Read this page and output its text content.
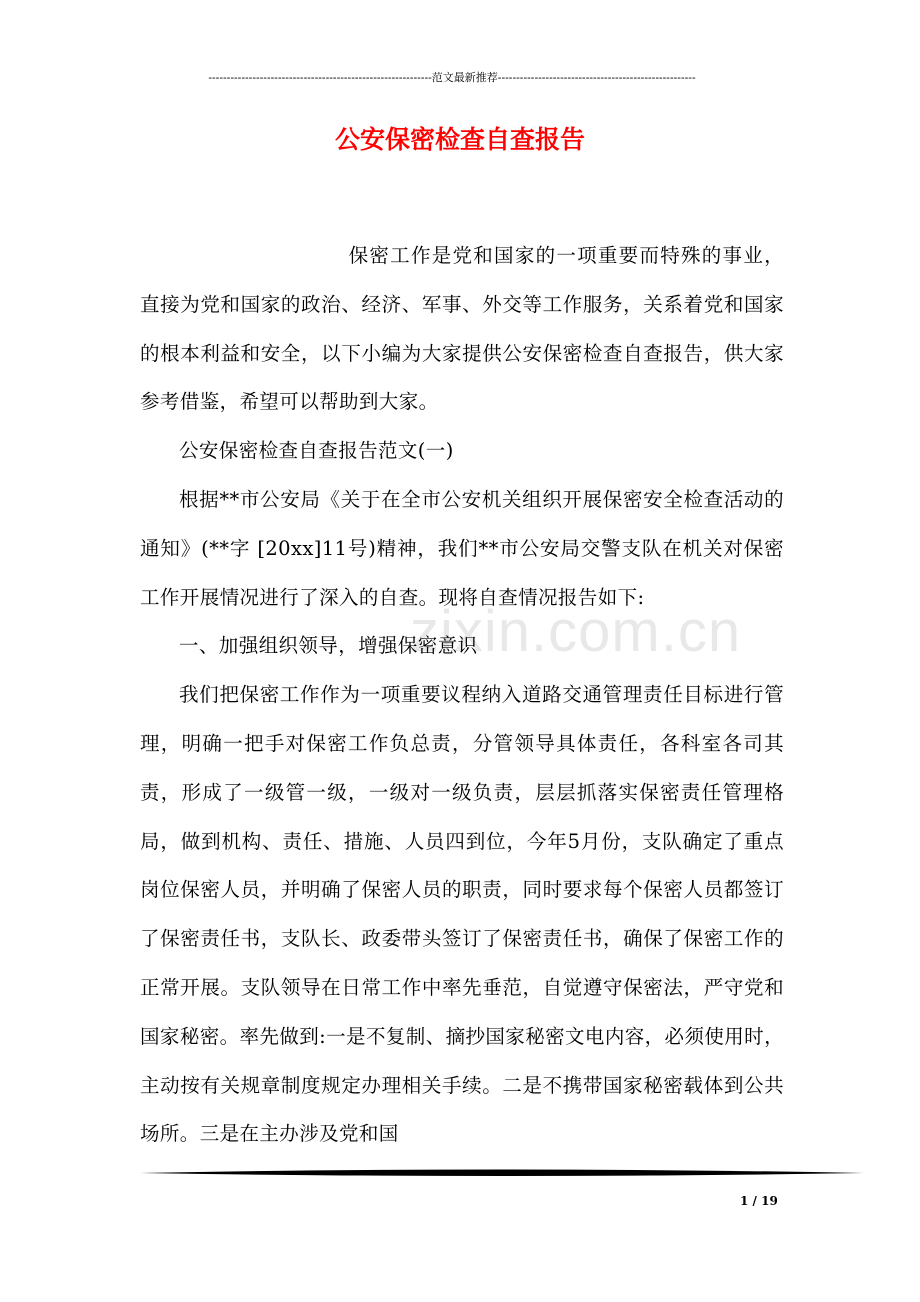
-------------------------------------------------------------范文最新推荐------------------------------------------------------
公安保密检查自查报告

保密工作是党和国家的一项重要而特殊的事业，直接为党和国家的政治、经济、军事、外交等工作服务，关系着党和国家的根本利益和安全，以下小编为大家提供公安保密检查自查报告，供大家参考借鉴，希望可以帮助到大家。

公安保密检查自查报告范文(一)

根据**市公安局《关于在全市公安机关组织开展保密安全检查活动的通知》(**字 [20xx]11号)精神，我们**市公安局交警支队在机关对保密工作开展情况进行了深入的自查。现将自查情况报告如下:

一、加强组织领导，增强保密意识

我们把保密工作作为一项重要议程纳入道路交通管理责任目标进行管理，明确一把手对保密工作负总责，分管领导具体责任，各科室各司其责，形成了一级管一级，一级对一级负责，层层抓落实保密责任管理格局，做到机构、责任、措施、人员四到位，今年5月份，支队确定了重点岗位保密人员，并明确了保密人员的职责，同时要求每个保密人员都签订了保密责任书，支队长、政委带头签订了保密责任书，确保了保密工作的正常开展。支队领导在日常工作中率先垂范，自觉遵守保密法，严守党和国家秘密。率先做到:一是不复制、摘抄国家秘密文电内容，必须使用时，主动按有关规章制度规定办理相关手续。二是不携带国家秘密载体到公共场所。三是在主办涉及党和国

zixin.com.cn
1 / 19
